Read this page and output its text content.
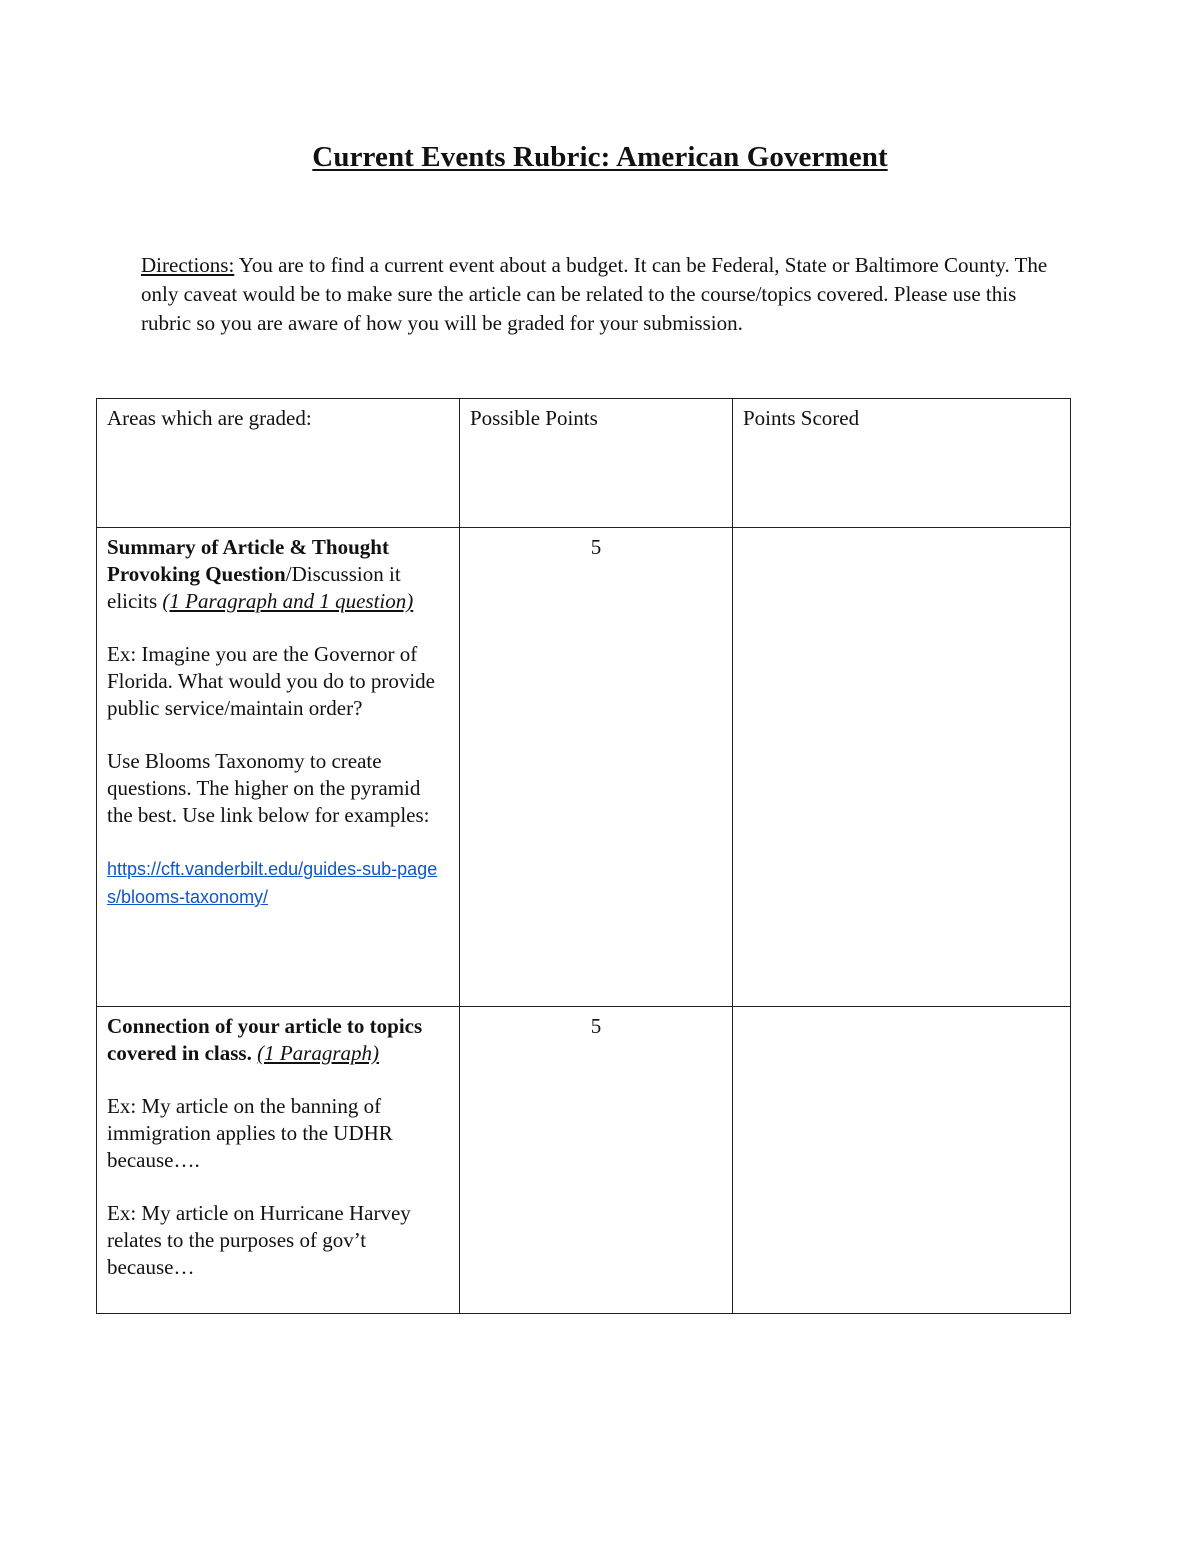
Current Events Rubric: American Goverment
Directions: You are to find a current event about a budget. It can be Federal, State or Baltimore County. The only caveat would be to make sure the article can be related to the course/topics covered. Please use this rubric so you are aware of how you will be graded for your submission.
Areas which are graded:	Possible Points	Points Scored

Summary of Article & Thought Provoking Question/Discussion it elicits (1 Paragraph and 1 question)
Ex: Imagine you are the Governor of Florida. What would you do to provide public service/maintain order?
Use Blooms Taxonomy to create questions. The higher on the pyramid the best. Use link below for examples:
https://cft.vanderbilt.edu/guides-sub-pages/blooms-taxonomy/	5	

Connection of your article to topics covered in class. (1 Paragraph)
Ex: My article on the banning of immigration applies to the UDHR because….
Ex: My article on Hurricane Harvey relates to the purposes of gov’t because…	5	
